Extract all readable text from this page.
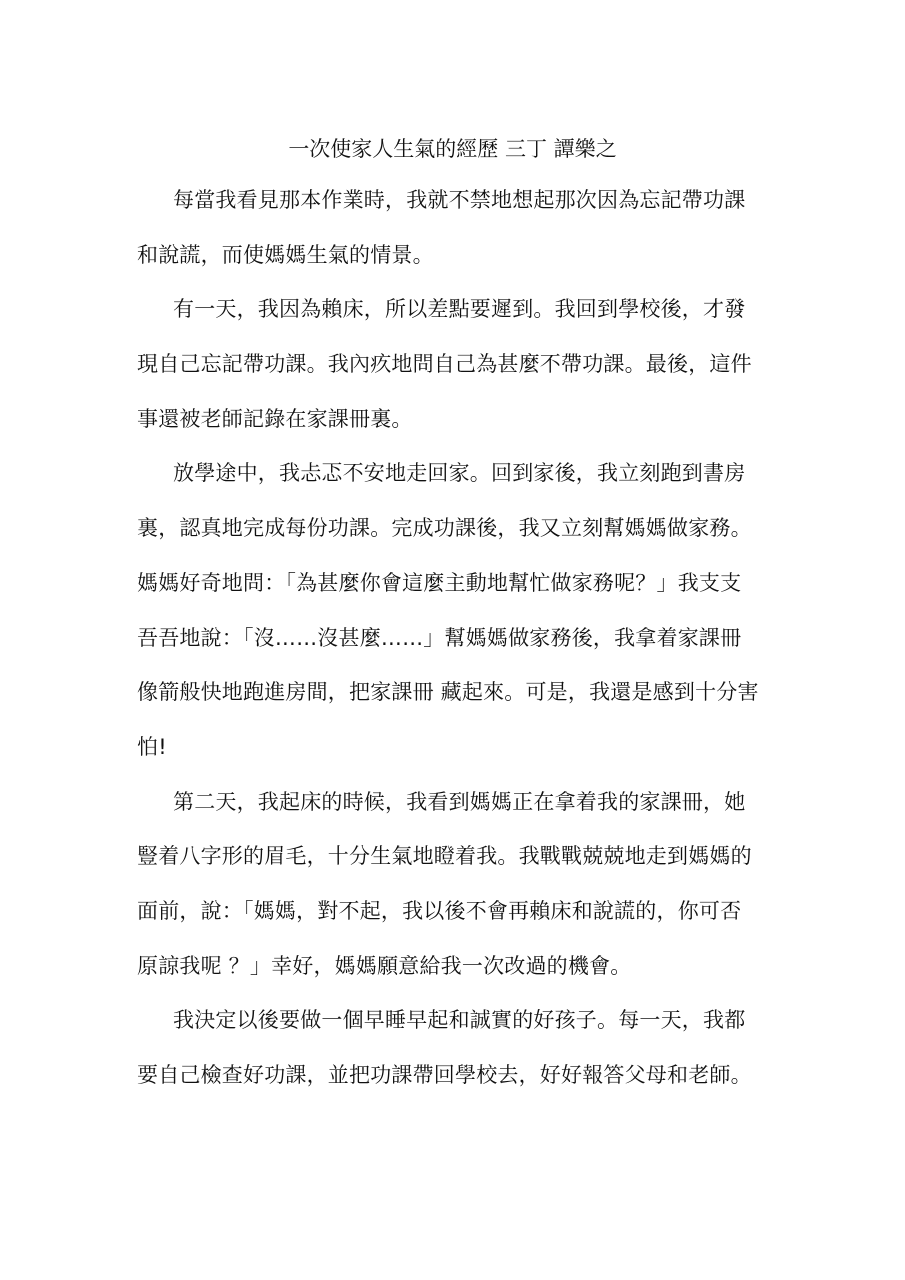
一次使家人生氣的經歷 三丁 譚樂之
每當我看見那本作業時，我就不禁地想起那次因為忘記帶功課
和說謊，而使媽媽生氣的情景。
有一天，我因為賴床，所以差點要遲到。我回到學校後，才發
現自己忘記帶功課。我內疚地問自己為甚麼不帶功課。最後，這件
事還被老師記錄在家課冊裏。
放學途中，我忐忑不安地走回家。回到家後，我立刻跑到書房
裏，認真地完成每份功課。完成功課後，我又立刻幫媽媽做家務。
媽媽好奇地問：「為甚麼你會這麼主動地幫忙做家務呢？」我支支
吾吾地說：「沒……沒甚麼……」幫媽媽做家務後，我拿着家課冊
像箭般快地跑進房間，把家課冊 藏起來。可是，我還是感到十分害
怕!
第二天，我起床的時候，我看到媽媽正在拿着我的家課冊，她
豎着八字形的眉毛，十分生氣地瞪着我。我戰戰兢兢地走到媽媽的
面前，說：「媽媽，對不起，我以後不會再賴床和說謊的，你可否
原諒我呢 ？」幸好，媽媽願意給我一次改過的機會。
我決定以後要做一個早睡早起和誠實的好孩子。每一天，我都
要自己檢查好功課，並把功課帶回學校去，好好報答父母和老師。
